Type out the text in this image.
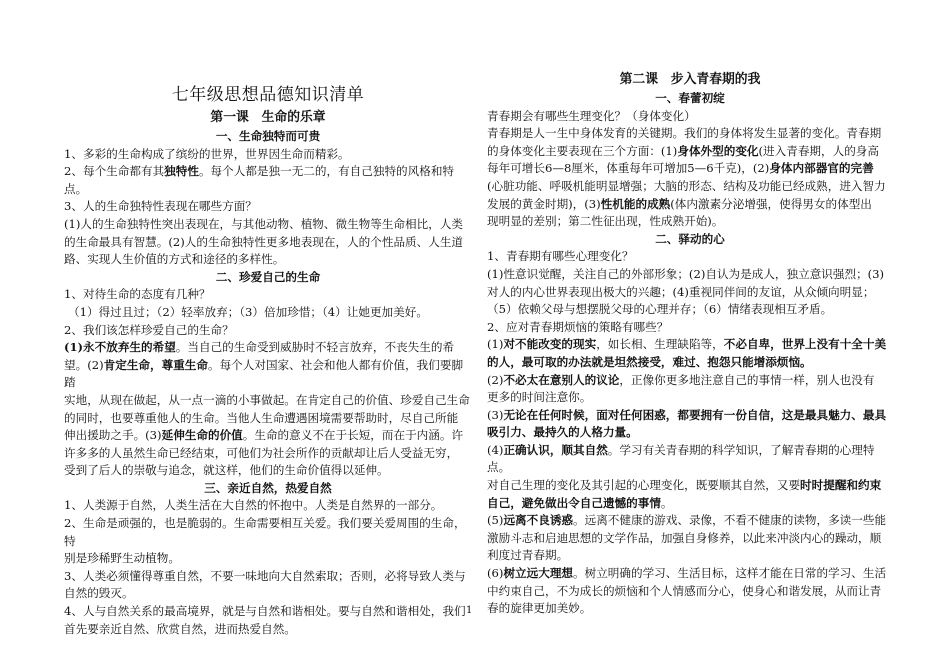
七年级思想品德知识清单

第一课　生命的乐章

一、生命独特而可贵

1、多彩的生命构成了缤纷的世界，世界因生命而精彩。

2、每个生命都有其独特性。每个人都是独一无二的，有自己独特的风格和特点。

3、人的生命独特性表现在哪些方面？

(1)人的生命独特性突出表现在，与其他动物、植物、微生物等生命相比，人类

的生命最具有智慧。(2)人的生命独特性更多地表现在，人的个性品质、人生道

路、实现人生价值的方式和途径的多样性。

二、珍爱自己的生命

1、对待生命的态度有几种？

（1）得过且过；（2）轻率放弃；（3）倍加珍惜；（4）让她更加美好。

2、我们该怎样珍爱自己的生命？

(1)永不放弃生的希望。当自己的生命受到威胁时不轻言放弃，不丧失生的希

望。(2)肯定生命，尊重生命。每个人对国家、社会和他人都有价值，我们要脚踏

实地，从现在做起，从一点一滴的小事做起。在肯定自己的价值、珍爱自己生命

的同时，也要尊重他人的生命。当他人生命遭遇困境需要帮助时，尽自己所能

伸出援助之手。(3)延伸生命的价值。生命的意义不在于长短，而在于内涵。许

许多多的人虽然生命已经结束，可他们为社会所作的贡献却让后人受益无穷，

受到了后人的崇敬与追念，就这样，他们的生命价值得以延伸。

三、亲近自然，热爱自然

1、人类源于自然，人类生活在大自然的怀抱中。人类是自然界的一部分。

2、生命是顽强的，也是脆弱的。生命需要相互关爱。我们要关爱周围的生命，特

别是珍稀野生动植物。

3、人类必须懂得尊重自然，不要一味地向大自然索取；否则，必将导致人类与

自然的毁灭。

4、人与自然关系的最高境界，就是与自然和谐相处。要与自然和谐相处，我们

首先要亲近自然、欣赏自然，进而热爱自然。

第二课　步入青春期的我

一、春蕾初绽

青春期会有哪些生理变化？（身体变化）

青春期是人一生中身体发育的关键期。我们的身体将发生显著的变化。青春期

的身体变化主要表现在三个方面：(1)身体外型的变化(进入青春期，人的身高

每年可增长6—8厘米，体重每年可增加5—6千克)，(2)身体内部器官的完善

(心脏功能、呼吸机能明显增强；大脑的形态、结构及功能已经成熟，进入智力

发展的黄金时期)，(3)性机能的成熟(体内激素分泌增强，使得男女的体型出

现明显的差别；第二性征出现，性成熟开始)。

二、驿动的心

1、青春期有哪些心理变化？

(1)性意识觉醒，关注自己的外部形象；(2)自认为是成人，独立意识强烈；(3)

对人的内心世界表现出极大的兴趣；(4)重视同伴间的友谊，从众倾向明显；

（5）依赖父母与想摆脱父母的心理并存；（6）情绪表现相互矛盾。

2、应对青春期烦恼的策略有哪些？

(1)对不能改变的现实，如长相、生理缺陷等，不必自卑，世界上没有十全十美

的人，最可取的办法就是坦然接受，难过、抱怨只能增添烦恼。

(2)不必太在意别人的议论，正像你更多地注意自己的事情一样，别人也没有

更多的时间注意你。

(3)无论在任何时候，面对任何困惑，都要拥有一份自信，这是最具魅力、最具

吸引力、最持久的人格力量。

(4)正确认识，顺其自然。学习有关青春期的科学知识，了解青春期的心理特点。

对自己生理的变化及其引起的心理变化，既要顺其自然，又要时时提醒和约束

自己，避免做出令自己遗憾的事情。

(5)远离不良诱惑。远离不健康的游戏、录像，不看不健康的读物，多读一些能

激励斗志和启迪思想的文学作品，加强自身修养，以此来冲淡内心的躁动，顺

利度过青春期。

(6)树立远大理想。树立明确的学习、生活目标，这样才能在日常的学习、生活

中约束自己，不为成长的烦恼和个人情感而分心，使身心和谐发展，从而让青

春的旋律更加美妙。

1
